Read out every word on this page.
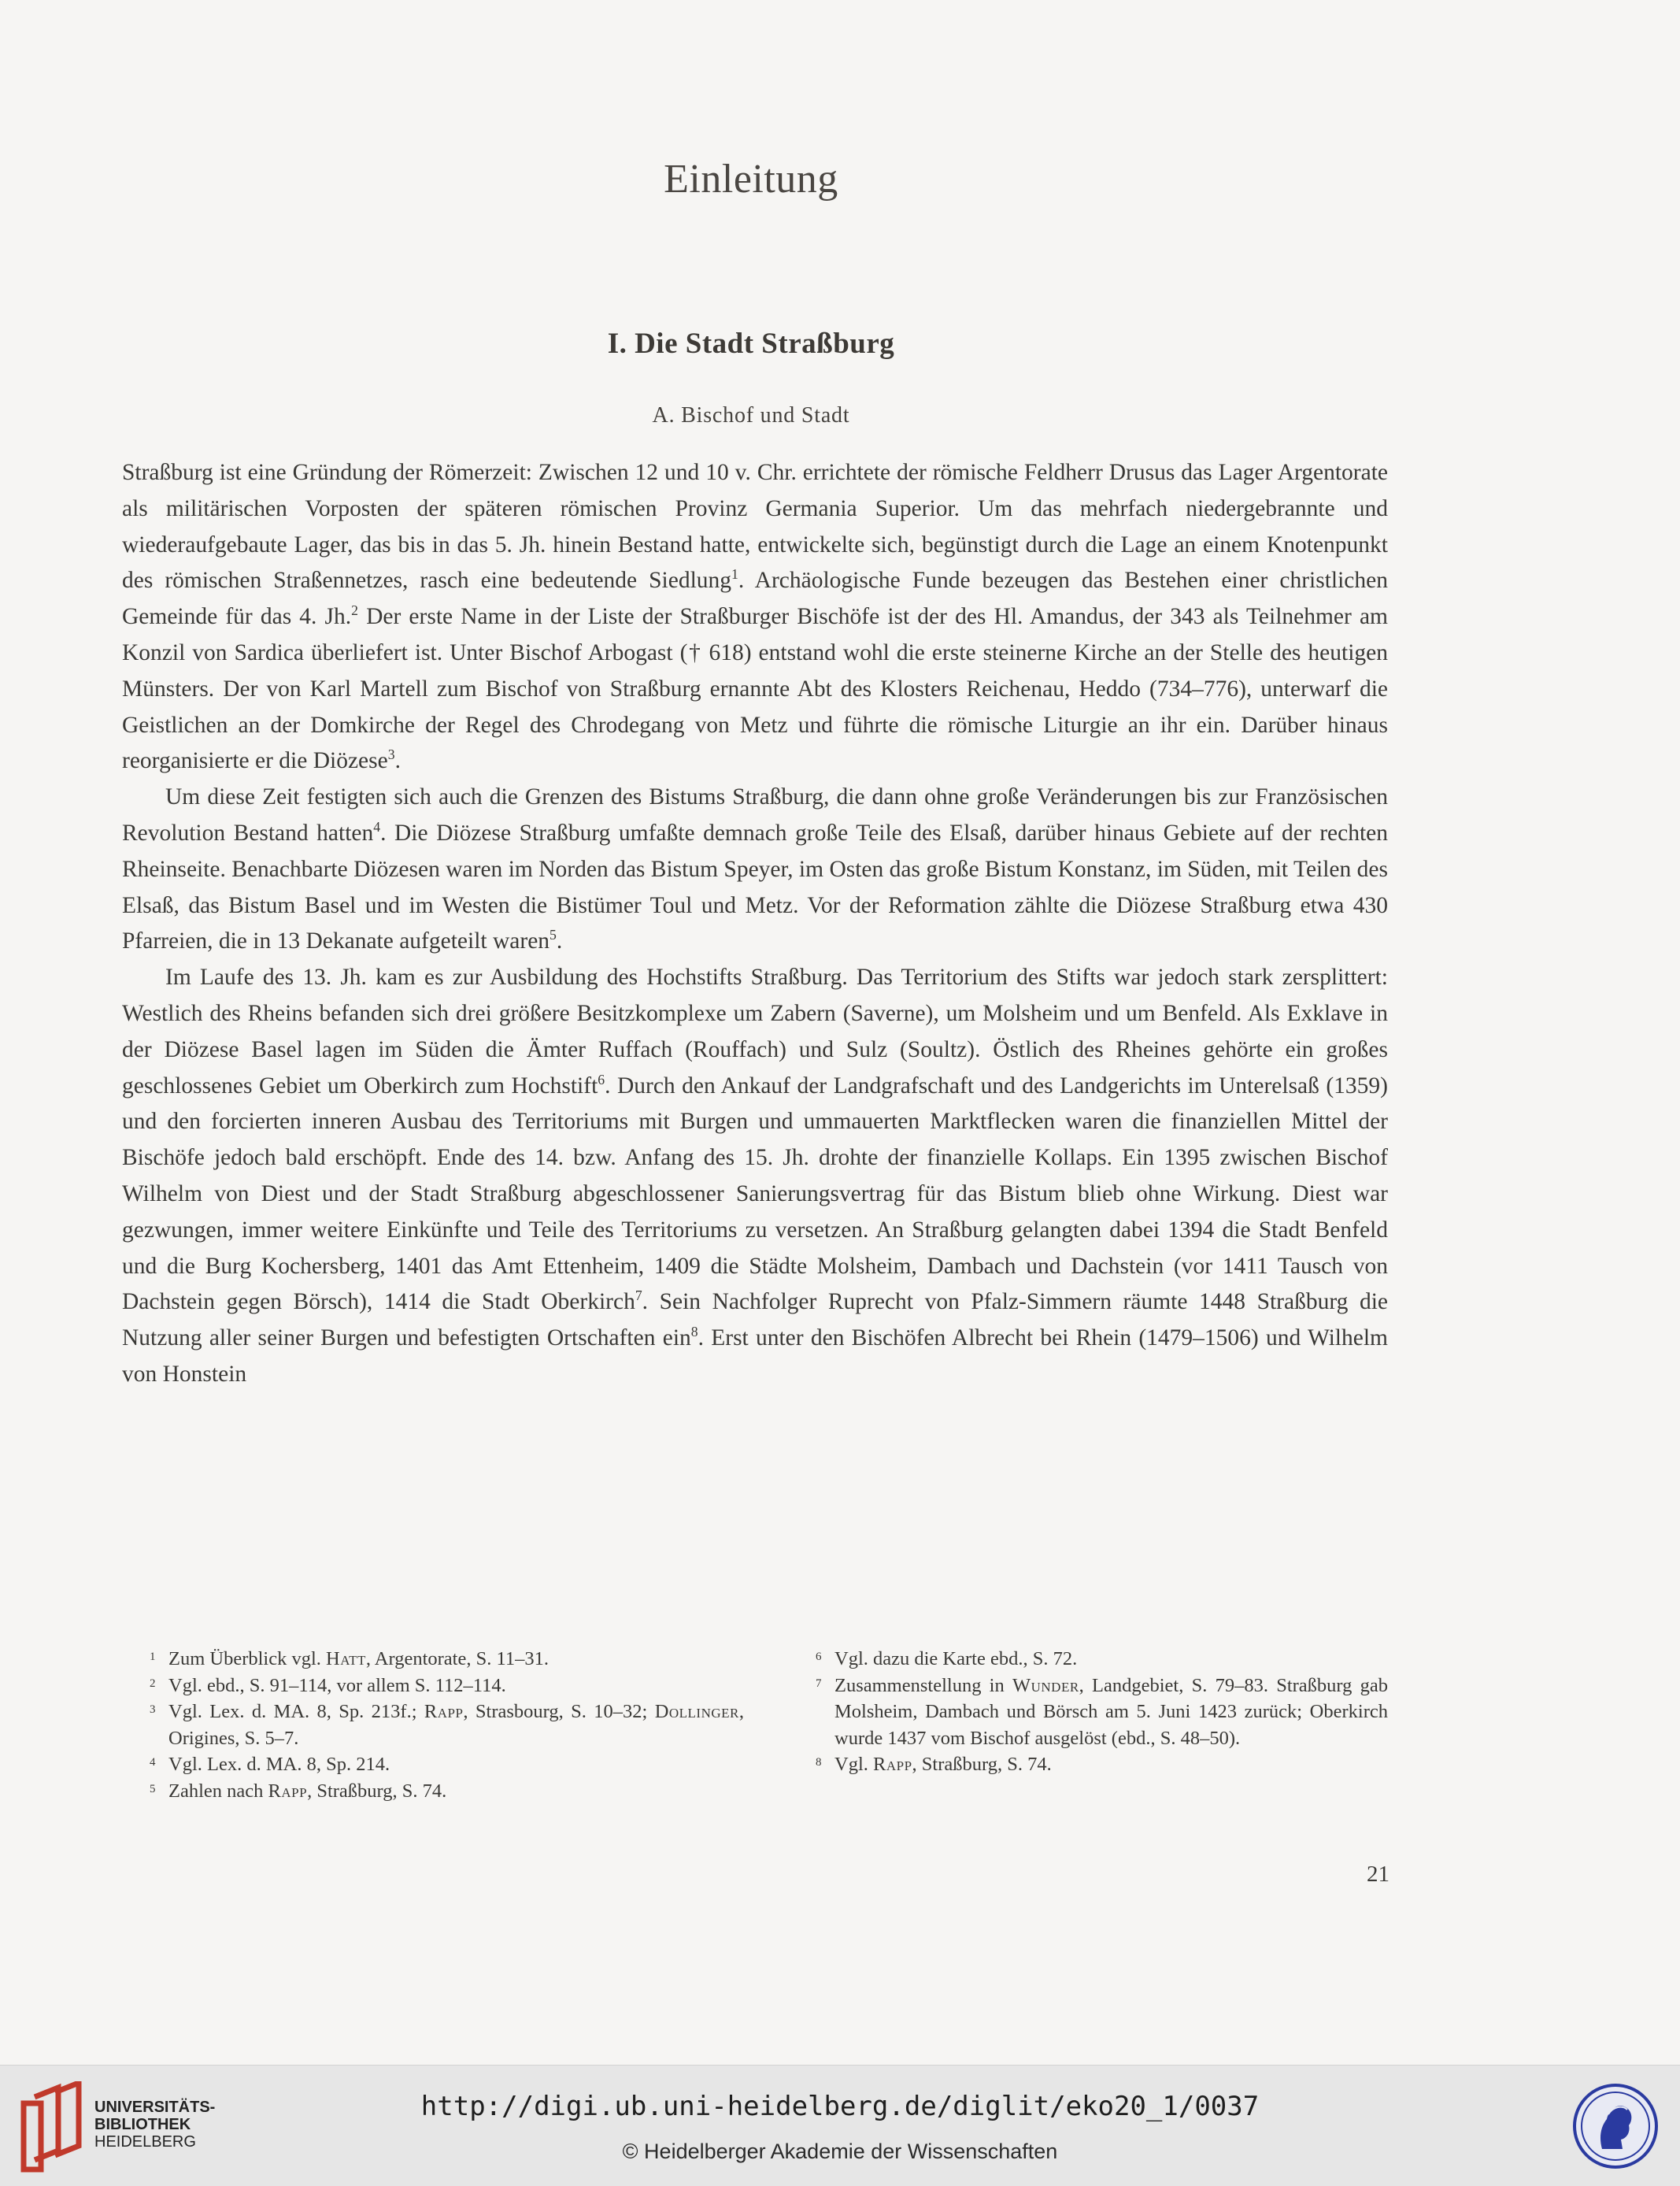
Einleitung
I. Die Stadt Straßburg
A. Bischof und Stadt

Straßburg ist eine Gründung der Römerzeit: Zwischen 12 und 10 v. Chr. errichtete der römische Feldherr Drusus das Lager Argentorate als militärischen Vorposten der späteren römischen Provinz Germania Superior. Um das mehrfach niedergebrannte und wiederaufgebaute Lager, das bis in das 5. Jh. hinein Bestand hatte, entwickelte sich, begünstigt durch die Lage an einem Knotenpunkt des römischen Straßennetzes, rasch eine bedeutende Siedlung$^1$. Archäologische Funde bezeugen das Bestehen einer christlichen Gemeinde für das 4. Jh.$^2$ Der erste Name in der Liste der Straßburger Bischöfe ist der des Hl. Amandus, der 343 als Teilnehmer am Konzil von Sardica überliefert ist. Unter Bischof Arbogast († 618) entstand wohl die erste steinerne Kirche an der Stelle des heutigen Münsters. Der von Karl Martell zum Bischof von Straßburg ernannte Abt des Klosters Reichenau, Heddo (734–776), unterwarf die Geistlichen an der Domkirche der Regel des Chrodegang von Metz und führte die römische Liturgie an ihr ein. Darüber hinaus reorganisierte er die Diözese$^3$.

Um diese Zeit festigten sich auch die Grenzen des Bistums Straßburg, die dann ohne große Veränderungen bis zur Französischen Revolution Bestand hatten$^4$. Die Diözese Straßburg umfaßte demnach große Teile des Elsaß, darüber hinaus Gebiete auf der rechten Rheinseite. Benachbarte Diözesen waren im Norden das Bistum Speyer, im Osten das große Bistum Konstanz, im Süden, mit Teilen des Elsaß, das Bistum Basel und im Westen die Bistümer Toul und Metz. Vor der Reformation zählte die Diözese Straßburg etwa 430 Pfarreien, die in 13 Dekanate aufgeteilt waren$^5$.

Im Laufe des 13. Jh. kam es zur Ausbildung des Hochstifts Straßburg. Das Territorium des Stifts war jedoch stark zersplittert: Westlich des Rheins befanden sich drei größere Besitzkomplexe um Zabern (Saverne), um Molsheim und um Benfeld. Als Exklave in der Diözese Basel lagen im Süden die Ämter Ruffach (Rouffach) und Sulz (Soultz). Östlich des Rheines gehörte ein großes geschlossenes Gebiet um Oberkirch zum Hochstift$^6$. Durch den Ankauf der Landgrafschaft und des Landgerichts im Unterelsaß (1359) und den forcierten inneren Ausbau des Territoriums mit Burgen und ummauerten Marktflecken waren die finanziellen Mittel der Bischöfe jedoch bald erschöpft. Ende des 14. bzw. Anfang des 15. Jh. drohte der finanzielle Kollaps. Ein 1395 zwischen Bischof Wilhelm von Diest und der Stadt Straßburg abgeschlossener Sanierungsvertrag für das Bistum blieb ohne Wirkung. Diest war gezwungen, immer weitere Einkünfte und Teile des Territoriums zu versetzen. An Straßburg gelangten dabei 1394 die Stadt Benfeld und die Burg Kochersberg, 1401 das Amt Ettenheim, 1409 die Städte Molsheim, Dambach und Dachstein (vor 1411 Tausch von Dachstein gegen Börsch), 1414 die Stadt Oberkirch$^7$. Sein Nachfolger Ruprecht von Pfalz-Simmern räumte 1448 Straßburg die Nutzung aller seiner Burgen und befestigten Ortschaften ein$^8$. Erst unter den Bischöfen Albrecht bei Rhein (1479–1506) und Wilhelm von Honstein

1 Zum Überblick vgl. Hatt, Argentorate, S. 11–31.
2 Vgl. ebd., S. 91–114, vor allem S. 112–114.
3 Vgl. Lex. d. MA. 8, Sp. 213f.; Rapp, Strasbourg, S. 10–32; Dollinger, Origines, S. 5–7.
4 Vgl. Lex. d. MA. 8, Sp. 214.
5 Zahlen nach Rapp, Straßburg, S. 74.
6 Vgl. dazu die Karte ebd., S. 72.
7 Zusammenstellung in Wunder, Landgebiet, S. 79–83. Straßburg gab Molsheim, Dambach und Börsch am 5. Juni 1423 zurück; Oberkirch wurde 1437 vom Bischof ausgelöst (ebd., S. 48–50).
8 Vgl. Rapp, Straßburg, S. 74.
21
UNIVERSITÄTS-
BIBLIOTHEK
HEIDELBERG
http://digi.ub.uni-heidelberg.de/diglit/eko20_1/0037
© Heidelberger Akademie der Wissenschaften
